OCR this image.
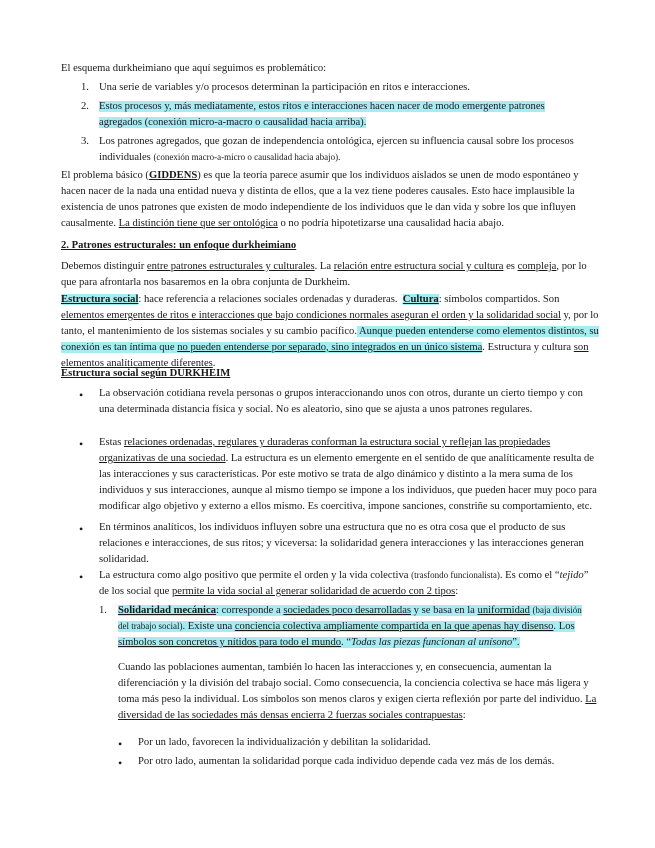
El esquema durkheimiano que aquí seguimos es problemático:

1. Una serie de variables y/o procesos determinan la participación en ritos e interacciones.

2. Estos procesos y, más mediatamente, estos ritos e interacciones hacen nacer de modo emergente patrones agregados (conexión micro-a-macro o causalidad hacia arriba).

3. Los patrones agregados, que gozan de independencia ontológica, ejercen su influencia causal sobre los procesos individuales (conexión macro-a-micro o causalidad hacia abajo).

El problema básico (GIDDENS) es que la teoría parece asumir que los individuos aislados se unen de modo espontáneo y hacen nacer de la nada una entidad nueva y distinta de ellos, que a la vez tiene poderes causales. Esto hace implausible la existencia de unos patrones que existen de modo independiente de los individuos que le dan vida y sobre los que influyen causalmente. La distinción tiene que ser ontológica o no podría hipotetizarse una causalidad hacia abajo.

2. Patrones estructurales: un enfoque durkheimiano

Debemos distinguir entre patrones estructurales y culturales. La relación entre estructura social y cultura es compleja, por lo que para afrontarla nos basaremos en la obra conjunta de Durkheim.

Estructura social: hace referencia a relaciones sociales ordenadas y duraderas. Cultura: símbolos compartidos. Son elementos emergentes de ritos e interacciones que bajo condiciones normales aseguran el orden y la solidaridad social y, por lo tanto, el mantenimiento de los sistemas sociales y su cambio pacífico. Aunque pueden entenderse como elementos distintos, su conexión es tan íntima que no pueden entenderse por separado, sino integrados en un único sistema. Estructura y cultura son elementos analíticamente diferentes.

Estructura social según DURKHEIM

• La observación cotidiana revela personas o grupos interaccionando unos con otros, durante un cierto tiempo y con una determinada distancia física y social. No es aleatorio, sino que se ajusta a unos patrones regulares.

• Estas relaciones ordenadas, regulares y duraderas conforman la estructura social y reflejan las propiedades organizativas de una sociedad. La estructura es un elemento emergente en el sentido de que analíticamente resulta de las interacciones y sus características. Por este motivo se trata de algo dinámico y distinto a la mera suma de los individuos y sus interacciones, aunque al mismo tiempo se impone a los individuos, que pueden hacer muy poco para modificar algo objetivo y externo a ellos mismo. Es coercitiva, impone sanciones, constriñe su comportamiento, etc.

• En términos analíticos, los individuos influyen sobre una estructura que no es otra cosa que el producto de sus relaciones e interacciones, de sus ritos; y viceversa: la solidaridad genera interacciones y las interacciones generan solidaridad.

• La estructura como algo positivo que permite el orden y la vida colectiva (trasfondo funcionalista). Es como el “tejido” de los social que permite la vida social al generar solidaridad de acuerdo con 2 tipos:

1. Solidaridad mecánica: corresponde a sociedades poco desarrolladas y se basa en la uniformidad (baja división del trabajo social). Existe una conciencia colectiva ampliamente compartida en la que apenas hay disenso. Los símbolos son concretos y nítidos para todo el mundo. “Todas las piezas funcionan al unísono”.

Cuando las poblaciones aumentan, también lo hacen las interacciones y, en consecuencia, aumentan la diferenciación y la división del trabajo social. Como consecuencia, la conciencia colectiva se hace más ligera y toma más peso la individual. Los símbolos son menos claros y exigen cierta reflexión por parte del individuo. La diversidad de las sociedades más densas encierra 2 fuerzas sociales contrapuestas:

• Por un lado, favorecen la individualización y debilitan la solidaridad.

• Por otro lado, aumentan la solidaridad porque cada individuo depende cada vez más de los demás.
